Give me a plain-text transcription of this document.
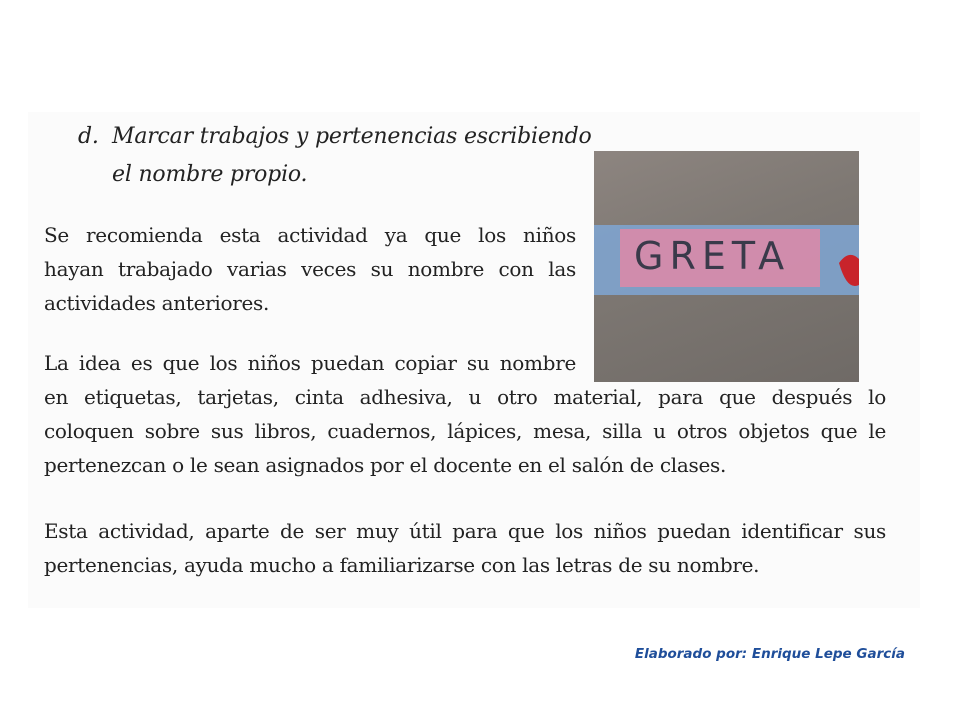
d. Marcar trabajos y pertenencias escribiendo
el nombre propio.

Se recomienda esta actividad ya que los niños
hayan trabajado varias veces su nombre con las
actividades anteriores.

La idea es que los niños puedan copiar su nombre

en etiquetas, tarjetas, cinta adhesiva, u otro material, para que después lo
coloquen sobre sus libros, cuadernos, lápices, mesa, silla u otros objetos que le
pertenezcan o le sean asignados por el docente en el salón de clases.

Esta actividad, aparte de ser muy útil para que los niños puedan identificar sus
pertenencias, ayuda mucho a familiarizarse con las letras de su nombre.

GRETA
Elaborado por: Enrique Lepe García
